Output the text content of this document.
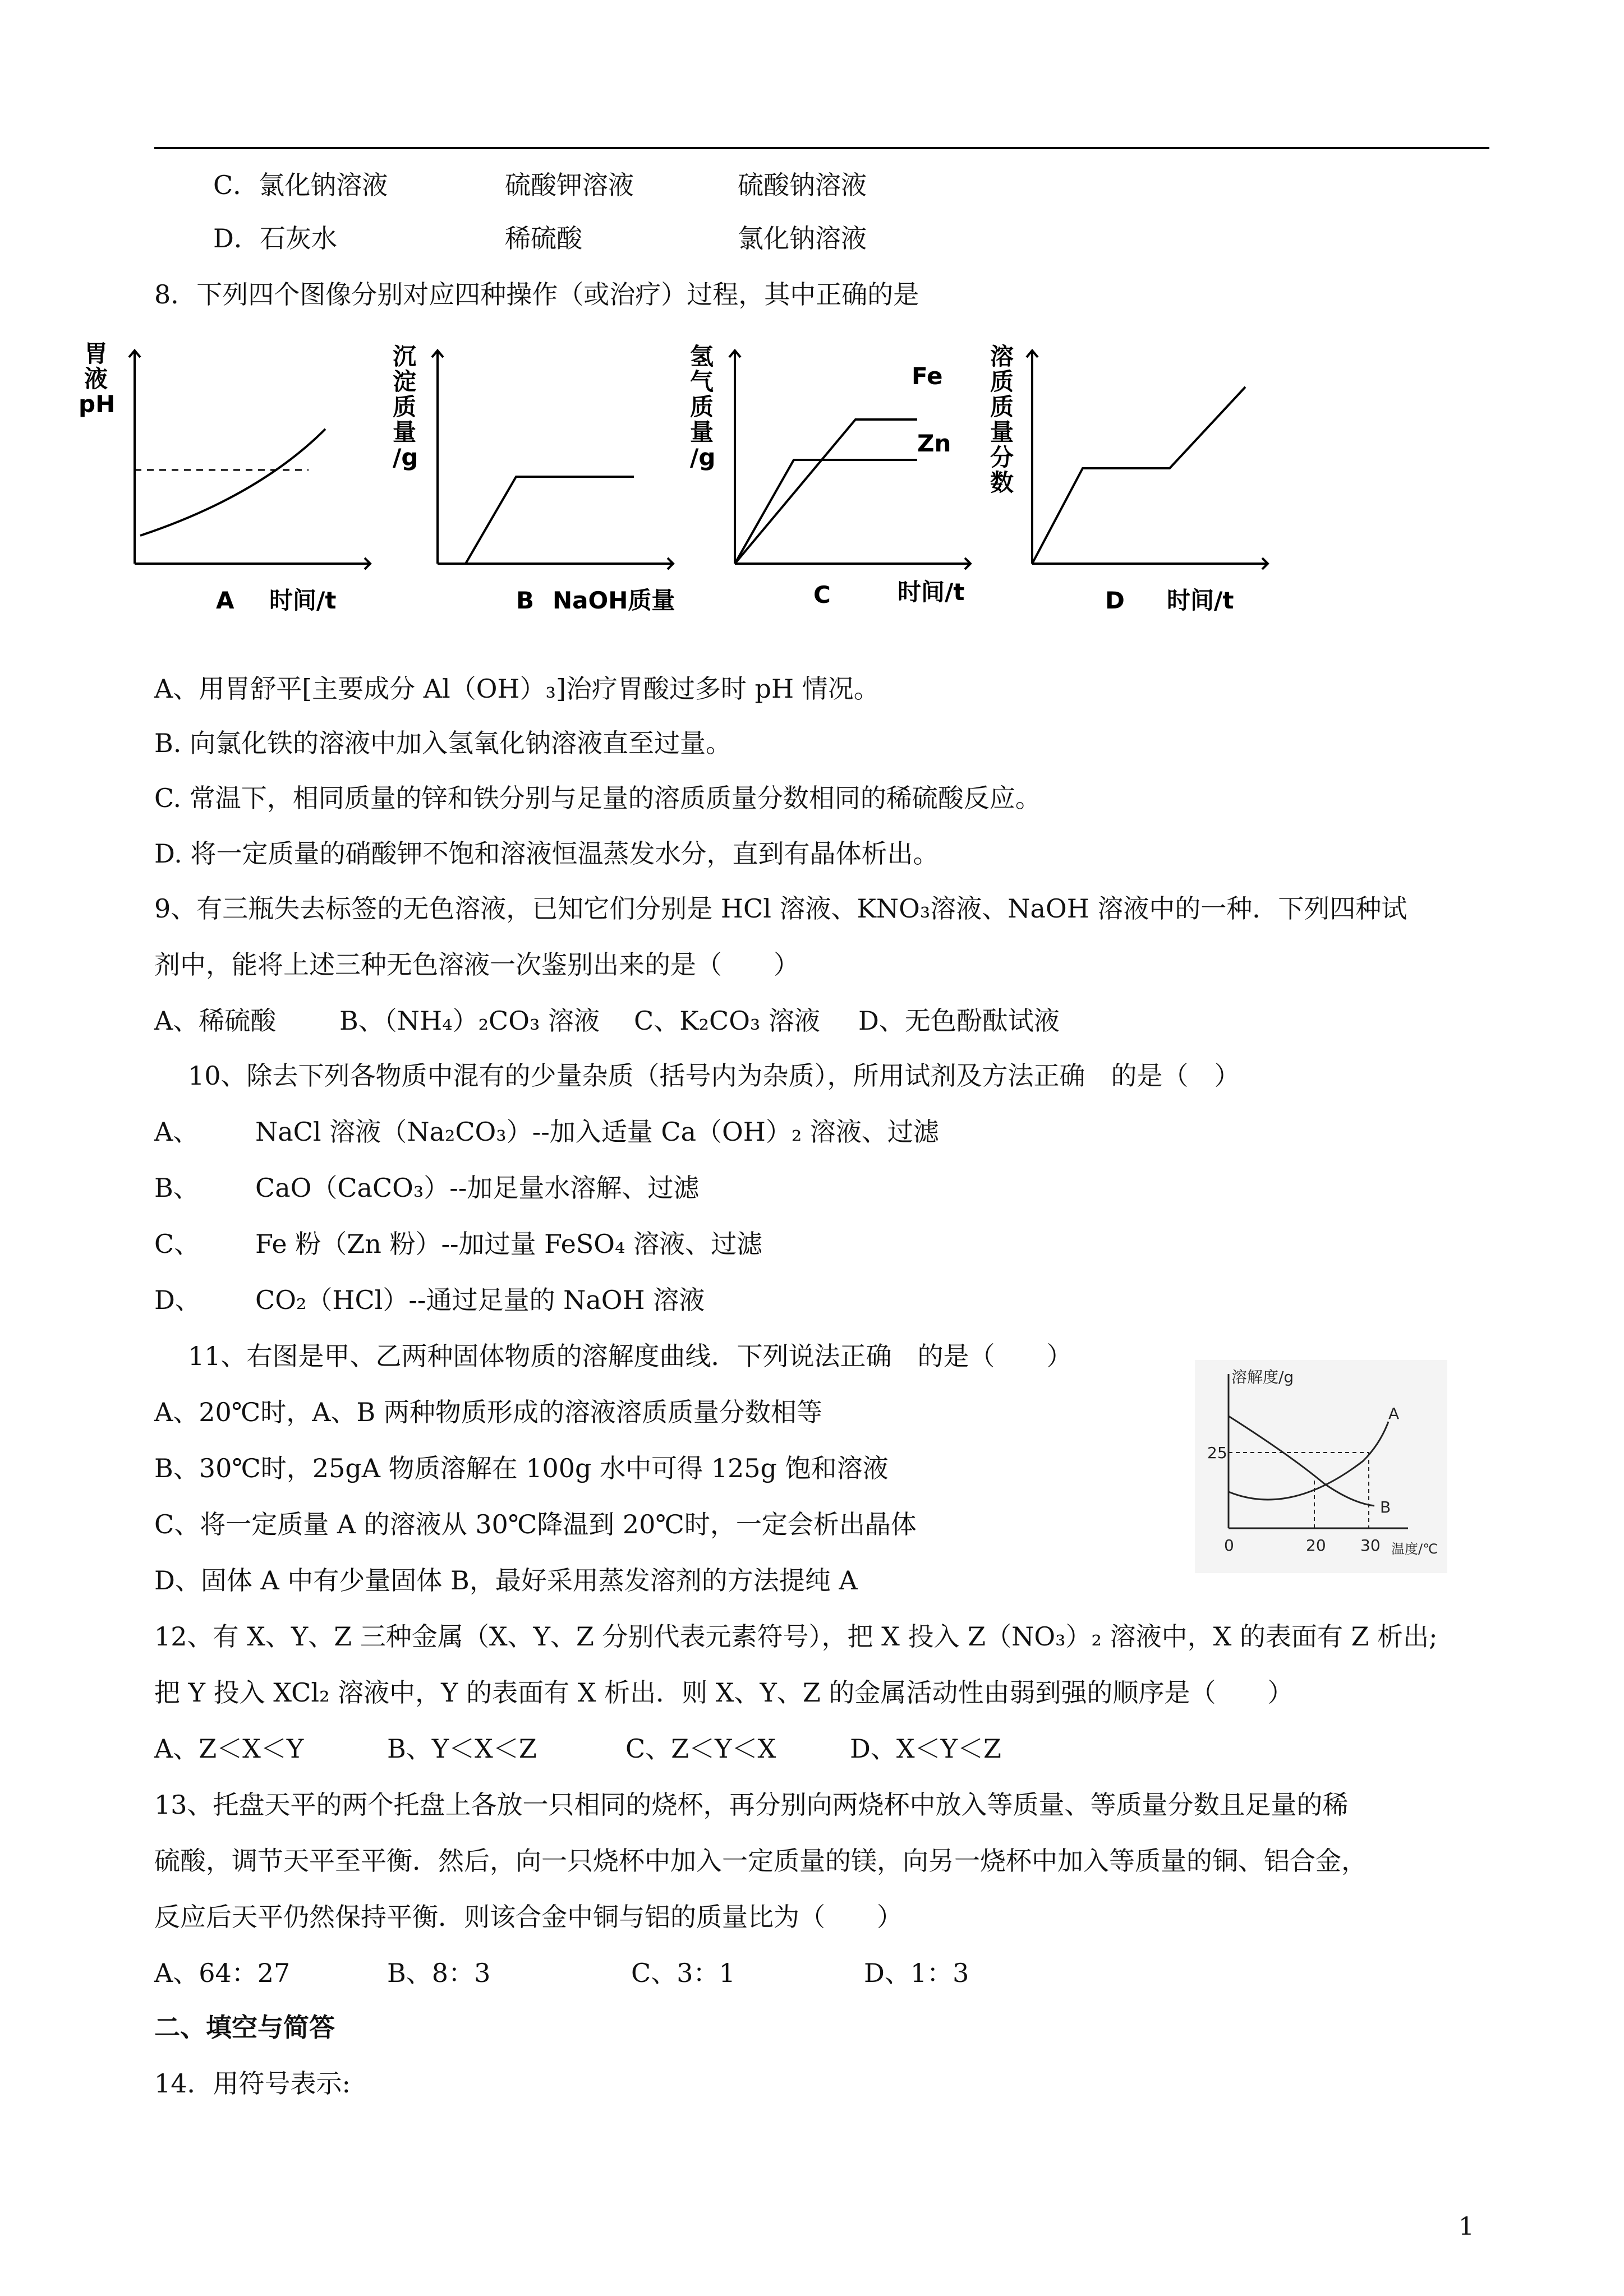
C．氯化钠溶液	硫酸钾溶液	硫酸钠溶液
D．石灰水	稀硫酸	氯化钠溶液
8．下列四个图像分别对应四种操作（或治疗）过程，其中正确的是
胃
液
pH
A 时间/t
沉
淀
质
量
/g
B NaOH质量
氢
气
质
量
/g
Fe
Zn
C	时间/t
溶
质
质
量
分
数
D 时间/t
A、用胃舒平[主要成分 Al（OH）₃]治疗胃酸过多时 pH 情况。
B. 向氯化铁的溶液中加入氢氧化钠溶液直至过量。
C. 常温下，相同质量的锌和铁分别与足量的溶质质量分数相同的稀硫酸反应。
D. 将一定质量的硝酸钾不饱和溶液恒温蒸发水分，直到有晶体析出。
9、有三瓶失去标签的无色溶液，已知它们分别是 HCl 溶液、KNO₃溶液、NaOH 溶液中的一种．下列四种试
剂中，能将上述三种无色溶液一次鉴别出来的是（　　）
A、稀硫酸 B、（NH₄）₂CO₃ 溶液 C、K₂CO₃ 溶液 D、无色酚酞试液
10、除去下列各物质中混有的少量杂质（括号内为杂质），所用试剂及方法正确　的是（　）
A、 NaCl 溶液（Na₂CO₃）--加入适量 Ca（OH）₂ 溶液、过滤
B、 CaO（CaCO₃）--加足量水溶解、过滤
C、 Fe 粉（Zn 粉）--加过量 FeSO₄ 溶液、过滤
D、 CO₂（HCl）--通过足量的 NaOH 溶液
11、右图是甲、乙两种固体物质的溶解度曲线．下列说法正确　的是（　　）
A、20℃时，A、B 两种物质形成的溶液溶质质量分数相等
B、30℃时，25gA 物质溶解在 100g 水中可得 125g 饱和溶液
C、将一定质量 A 的溶液从 30℃降温到 20℃时，一定会析出晶体
D、固体 A 中有少量固体 B，最好采用蒸发溶剂的方法提纯 A
溶解度/g
25
0	20 30 温度/℃
A
B
12、有 X、Y、Z 三种金属（X、Y、Z 分别代表元素符号），把 X 投入 Z（NO₃）₂ 溶液中，X 的表面有 Z 析出;
把 Y 投入 XCl₂ 溶液中，Y 的表面有 X 析出．则 X、Y、Z 的金属活动性由弱到强的顺序是（　　）
A、Z＜X＜Y	B、Y＜X＜Z	C、Z＜Y＜X	D、X＜Y＜Z
13、托盘天平的两个托盘上各放一只相同的烧杯，再分别向两烧杯中放入等质量、等质量分数且足量的稀
硫酸，调节天平至平衡．然后，向一只烧杯中加入一定质量的镁，向另一烧杯中加入等质量的铜、铝合金，
反应后天平仍然保持平衡．则该合金中铜与铝的质量比为（　　）
A、64：27	B、8：3	C、3：1	D、1：3
二、填空与简答
14．用符号表示:
1
